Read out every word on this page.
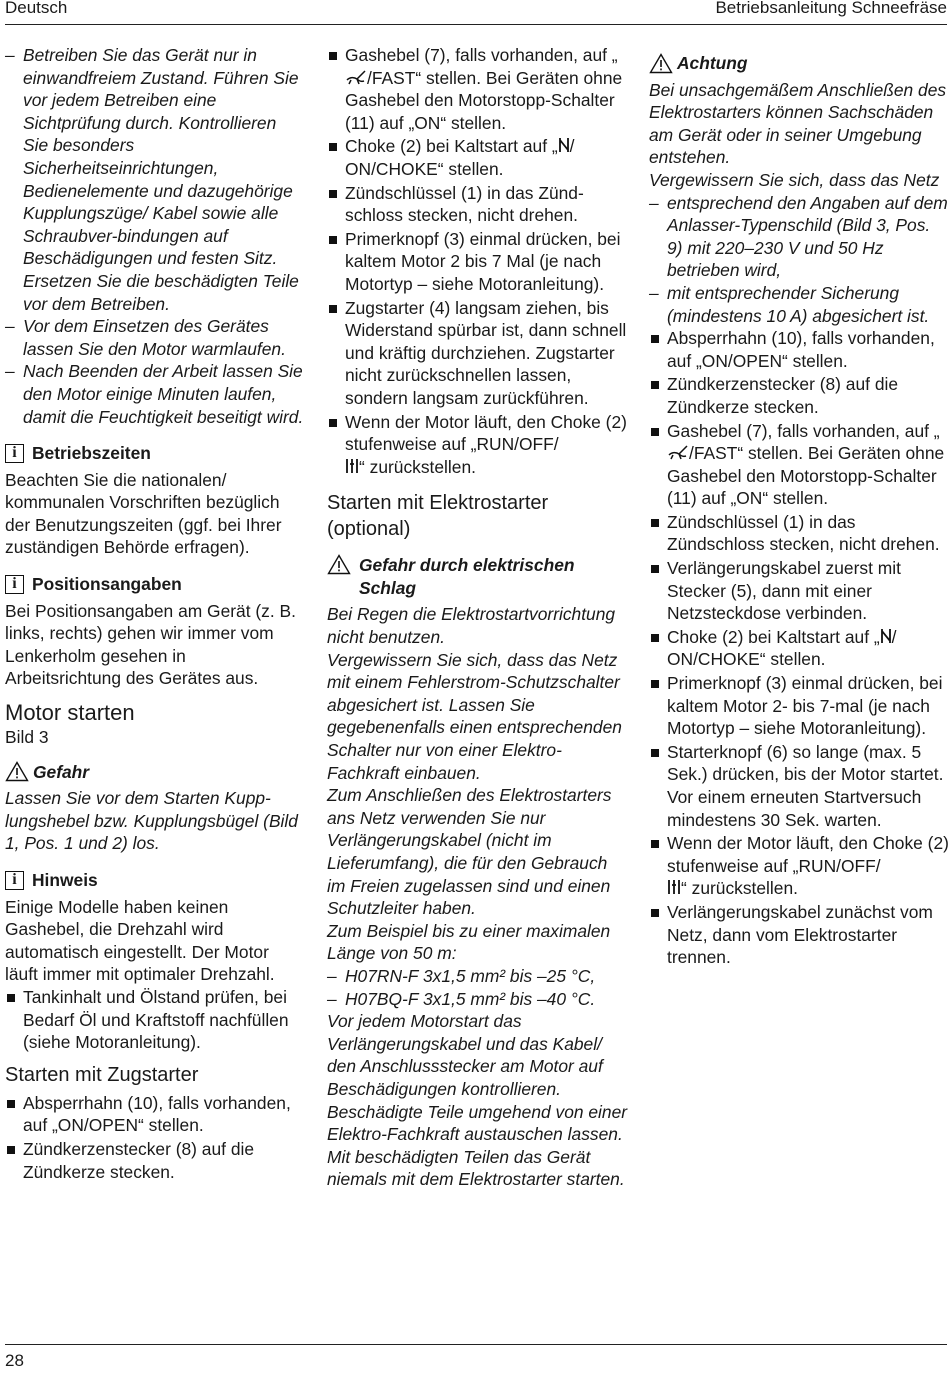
Deutsch	Betriebsanleitung Schneefräse

– Betreiben Sie das Gerät nur in einwandfreiem Zustand. Führen Sie vor jedem Betreiben eine Sichtprüfung durch. Kontrollieren Sie besonders Sicherheitseinrichtungen, Bedienelemente und dazugehörige Kupplungszüge/ Kabel sowie alle Schraubver-bindungen auf Beschädigungen und festen Sitz. Ersetzen Sie die beschädigten Teile vor dem Betreiben.

– Vor dem Einsetzen des Gerätes lassen Sie den Motor warmlaufen.

– Nach Beenden der Arbeit lassen Sie den Motor einige Minuten laufen, damit die Feuchtigkeit beseitigt wird.

i Betriebszeiten

Beachten Sie die nationalen/ kommunalen Vorschriften bezüglich der Benutzungszeiten (ggf. bei Ihrer zuständigen Behörde erfragen).

i Positionsangaben

Bei Positionsangaben am Gerät (z. B. links, rechts) gehen wir immer vom Lenkerholm gesehen in Arbeitsrichtung des Gerätes aus.

Motor starten

Bild 3

Gefahr

Lassen Sie vor dem Starten Kupp-lungshebel bzw. Kupplungsbügel (Bild 1, Pos. 1 und 2) los.

i Hinweis

Einige Modelle haben keinen Gashebel, die Drehzahl wird automatisch eingestellt. Der Motor läuft immer mit optimaler Drehzahl.

Tankinhalt und Ölstand prüfen, bei Bedarf Öl und Kraftstoff nachfüllen (siehe Motoranleitung).

Starten mit Zugstarter

Absperrhahn (10), falls vorhanden, auf „ON/OPEN“ stellen.

Zündkerzenstecker (8) auf die Zündkerze stecken.

Gashebel (7), falls vorhanden, auf „/FAST“ stellen. Bei Geräten ohne Gashebel den Motorstopp-Schalter (11) auf „ON“ stellen.

Choke (2) bei Kaltstart auf „ / ON/CHOKE“ stellen.

Zündschlüssel (1) in das Zünd-schloss stecken, nicht drehen.

Primerknopf (3) einmal drücken, bei kaltem Motor 2 bis 7 Mal (je nach Motortyp – siehe Motoranleitung).

Zugstarter (4) langsam ziehen, bis Widerstand spürbar ist, dann schnell und kräftig durchziehen. Zugstarter nicht zurückschnellen lassen, sondern langsam zurückführen.

Wenn der Motor läuft, den Choke (2) stufenweise auf „RUN/OFF/
“ zurückstellen.

Starten mit Elektrostarter (optional)
Gefahr durch elektrischen Schlag

Bei Regen die Elektrostartvorrichtung nicht benutzen.

Vergewissern Sie sich, dass das Netz mit einem Fehlerstrom-Schutzschalter abgesichert ist. Lassen Sie gegebenenfalls einen entsprechenden Schalter nur von einer Elektro-Fachkraft einbauen.

Zum Anschließen des Elektrostarters ans Netz verwenden Sie nur Verlängerungskabel (nicht im Lieferumfang), die für den Gebrauch im Freien zugelassen sind und einen Schutzleiter haben.

Zum Beispiel bis zu einer maximalen Länge von 50 m:

– H07RN-F 3x1,5 mm² bis –25 °C,

– H07BQ-F 3x1,5 mm² bis –40 °C.

Vor jedem Motorstart das Verlängerungskabel und das Kabel/ den Anschlussstecker am Motor auf Beschädigungen kontrollieren. Beschädigte Teile umgehend von einer Elektro-Fachkraft austauschen lassen. Mit beschädigten Teilen das Gerät niemals mit dem Elektrostarter starten.

Achtung

Bei unsachgemäßem Anschließen des Elektrostarters können Sachschäden am Gerät oder in seiner Umgebung entstehen.

Vergewissern Sie sich, dass das Netz

– entsprechend den Angaben auf dem Anlasser-Typenschild (Bild 3, Pos. 9) mit 220–230 V und 50 Hz betrieben wird,

– mit entsprechender Sicherung (mindestens 10 A) abgesichert ist.

Absperrhahn (10), falls vorhanden, auf „ON/OPEN“ stellen.

Zündkerzenstecker (8) auf die Zündkerze stecken.

Gashebel (7), falls vorhanden, auf „/FAST“ stellen. Bei Geräten ohne Gashebel den Motorstopp-Schalter (11) auf „ON“ stellen.

Zündschlüssel (1) in das Zündschloss stecken, nicht drehen.

Verlängerungskabel zuerst mit Stecker (5), dann mit einer Netzsteckdose verbinden.

Choke (2) bei Kaltstart auf „ / ON/CHOKE“ stellen.

Primerknopf (3) einmal drücken, bei kaltem Motor 2- bis 7-mal (je nach Motortyp – siehe Motoranleitung).

Starterknopf (6) so lange (max. 5 Sek.) drücken, bis der Motor startet. Vor einem erneuten Startversuch mindestens 30 Sek. warten.

Wenn der Motor läuft, den Choke (2) stufenweise auf „RUN/OFF/
“ zurückstellen.

Verlängerungskabel zunächst vom Netz, dann vom Elektrostarter trennen.

28
